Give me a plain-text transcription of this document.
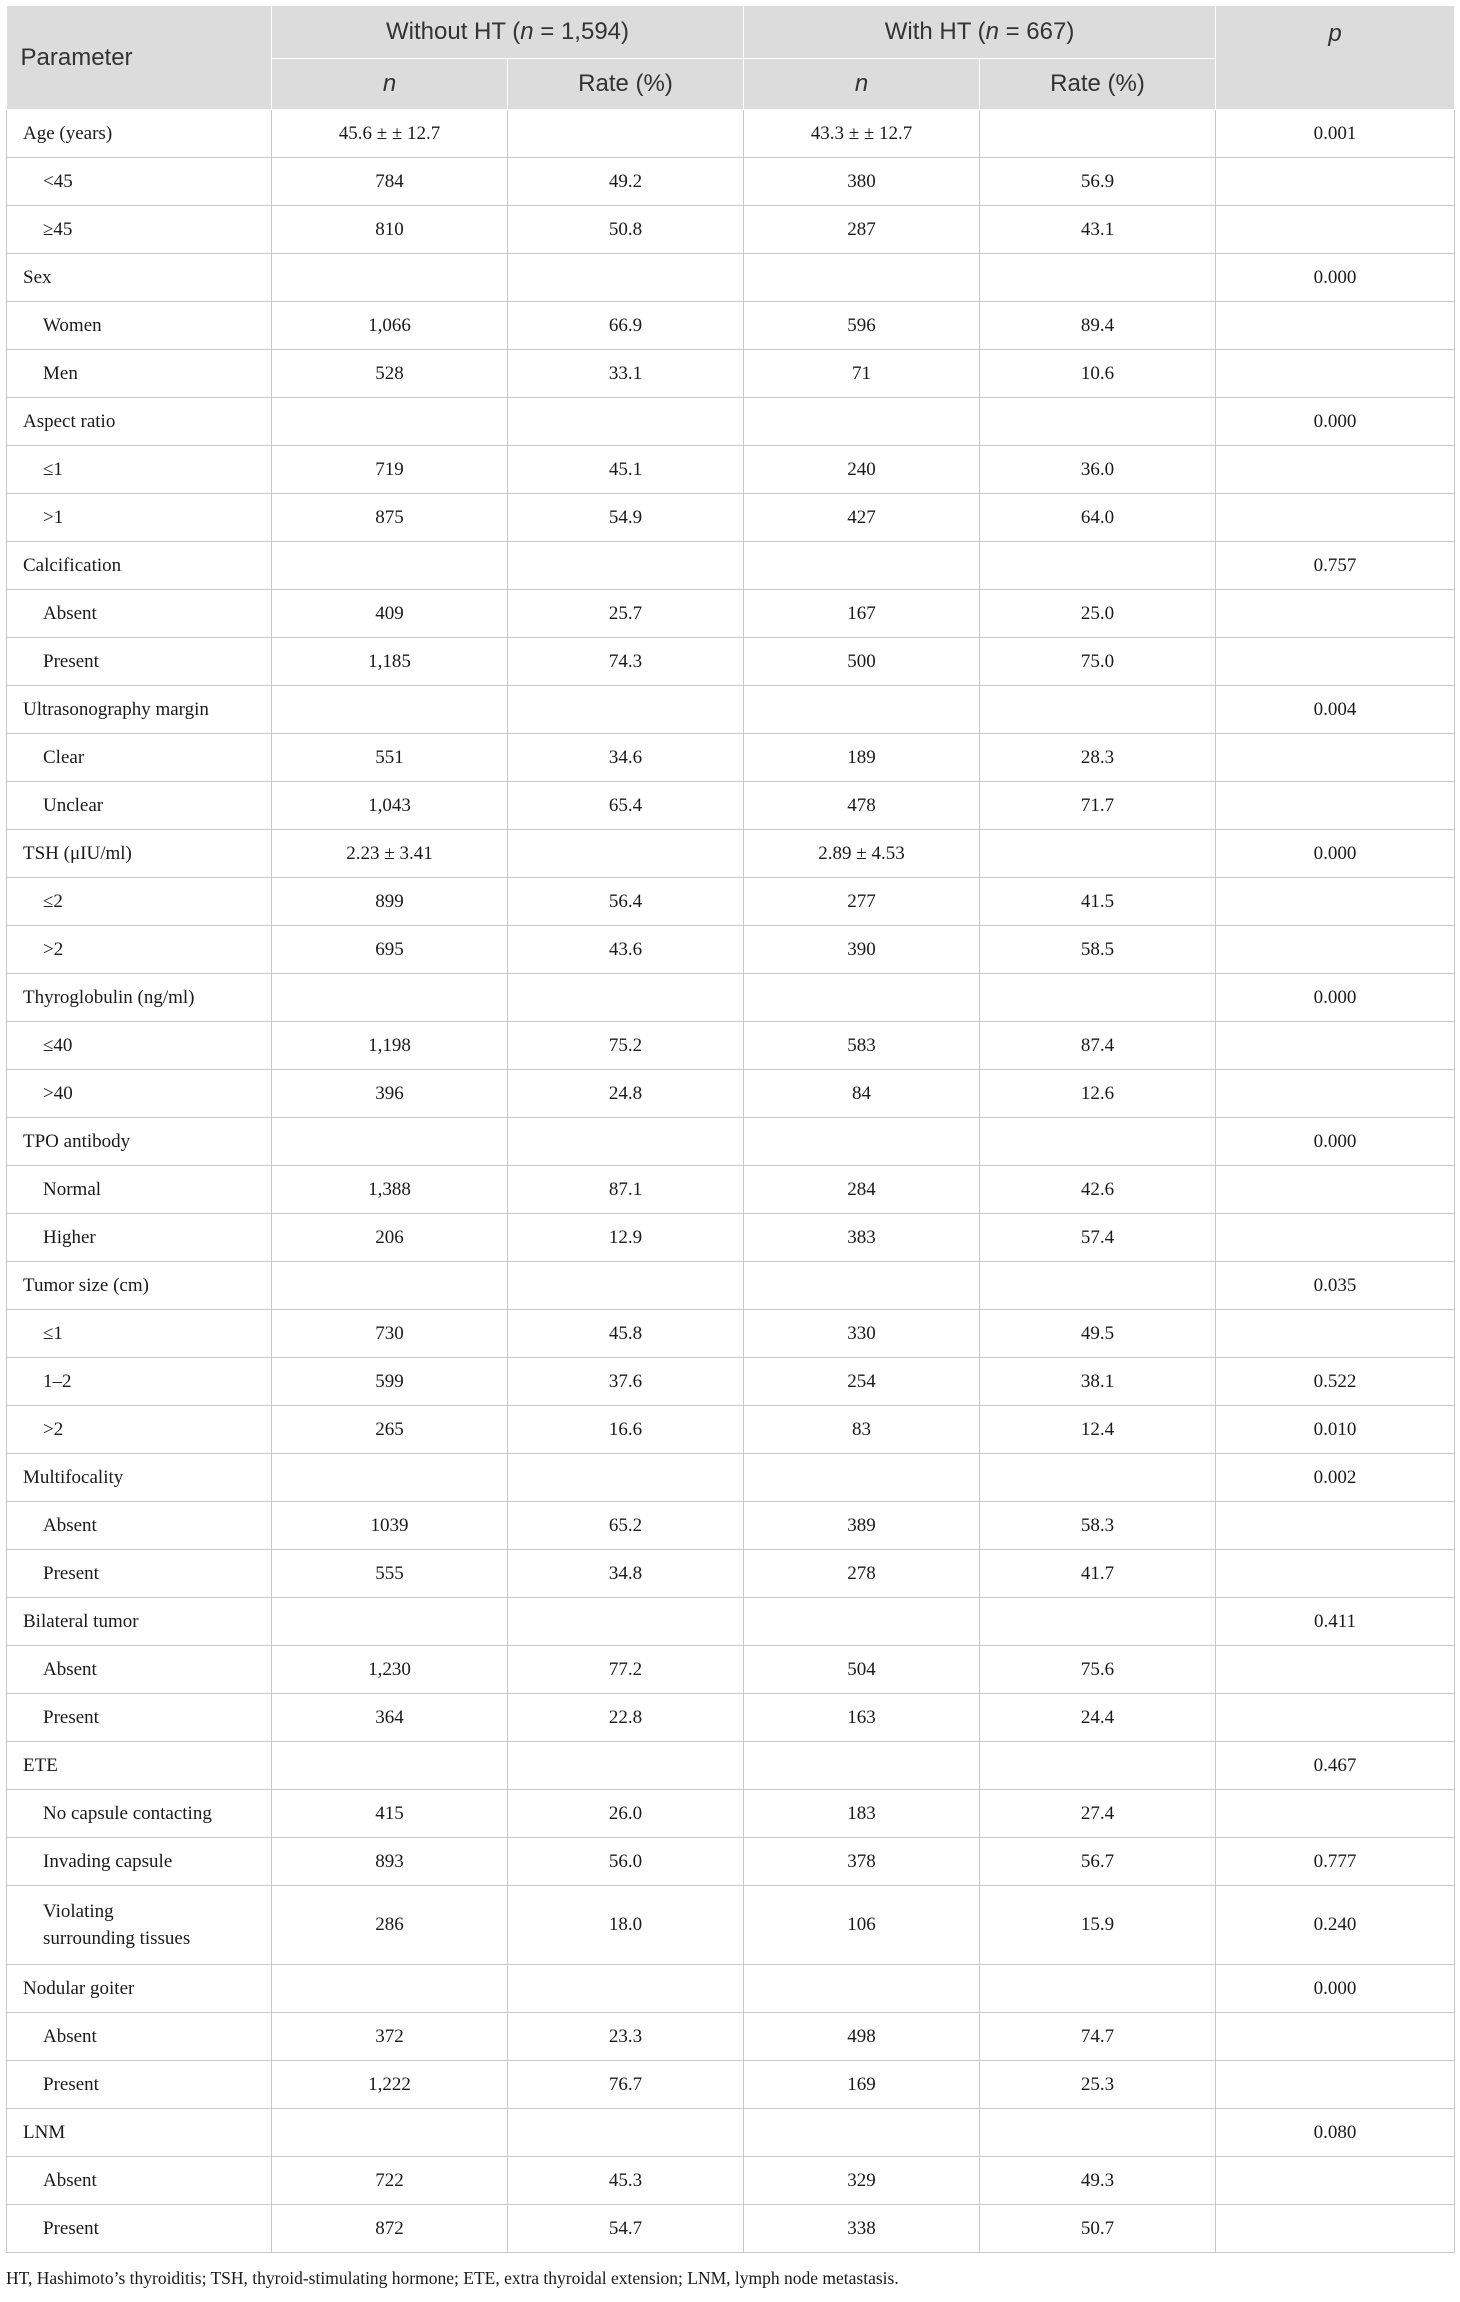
Parameter	Without HT (n = 1,594)		With HT (n = 667)		p
	n	Rate (%)	n	Rate (%)	
Age (years)	45.6 ± ± 12.7		43.3 ± ± 12.7		0.001
<45	784	49.2	380	56.9	
≥45	810	50.8	287	43.1	
Sex					0.000
Women	1,066	66.9	596	89.4	
Men	528	33.1	71	10.6	
Aspect ratio					0.000
≤1	719	45.1	240	36.0	
>1	875	54.9	427	64.0	
Calcification					0.757
Absent	409	25.7	167	25.0	
Present	1,185	74.3	500	75.0	
Ultrasonography margin					0.004
Clear	551	34.6	189	28.3	
Unclear	1,043	65.4	478	71.7	
TSH (μIU/ml)	2.23 ± 3.41		2.89 ± 4.53		0.000
≤2	899	56.4	277	41.5	
>2	695	43.6	390	58.5	
Thyroglobulin (ng/ml)					0.000
≤40	1,198	75.2	583	87.4	
>40	396	24.8	84	12.6	
TPO antibody					0.000
Normal	1,388	87.1	284	42.6	
Higher	206	12.9	383	57.4	
Tumor size (cm)					0.035
≤1	730	45.8	330	49.5	
1–2	599	37.6	254	38.1	0.522
>2	265	16.6	83	12.4	0.010
Multifocality					0.002
Absent	1039	65.2	389	58.3	
Present	555	34.8	278	41.7	
Bilateral tumor					0.411
Absent	1,230	77.2	504	75.6	
Present	364	22.8	163	24.4	
ETE					0.467
No capsule contacting	415	26.0	183	27.4	
Invading capsule	893	56.0	378	56.7	0.777
Violating
surrounding tissues	286	18.0	106	15.9	0.240
Nodular goiter					0.000
Absent	372	23.3	498	74.7	
Present	1,222	76.7	169	25.3	
LNM					0.080
Absent	722	45.3	329	49.3	
Present	872	54.7	338	50.7	
HT, Hashimoto’s thyroiditis; TSH, thyroid-stimulating hormone; ETE, extra thyroidal extension; LNM, lymph node metastasis.
